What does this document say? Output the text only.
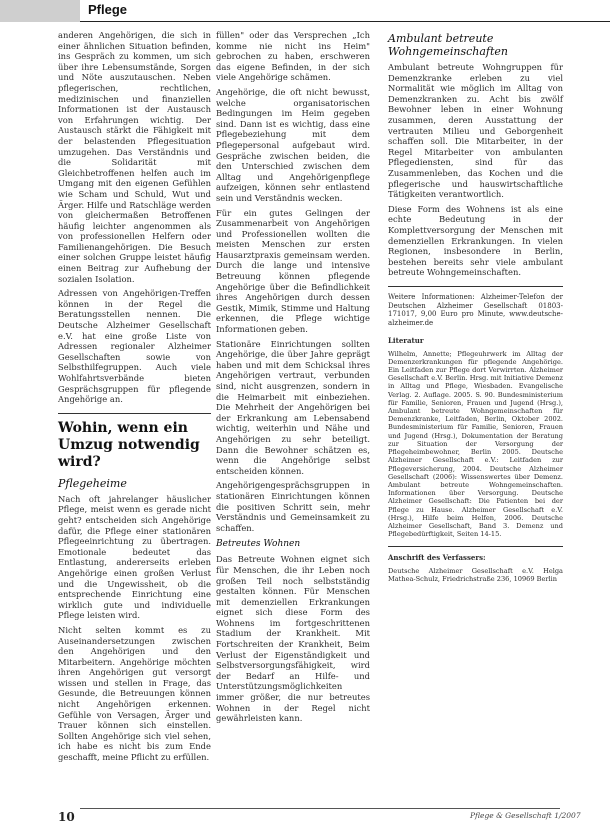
Pflege

anderen Angehörigen, die sich in einer ähnlichen Situation befinden, ins Gespräch zu kommen, um sich über ihre Lebensumstände, Sorgen und Nöte auszutauschen. Neben pflegerischen, rechtlichen, medizinischen und finanziellen Informationen ist der Austausch von Erfahrungen wichtig. Der Austausch stärkt die Fähigkeit mit der belastenden Pflegesituation umzugehen. Das Verständnis und die Solidarität mit Gleichbetroffenen helfen auch im Umgang mit den eigenen Gefühlen wie Scham und Schuld, Wut und Ärger. Hilfe und Ratschläge werden von gleichermaßen Betroffenen häufig leichter angenommen als von professionellen Helfern oder Familienangehörigen. Die Besuch einer solchen Gruppe leistet häufig einen Beitrag zur Aufhebung der sozialen Isolation.

Adressen von Angehörigen-Treffen können in der Regel die Beratungsstellen nennen. Die Deutsche Alzheimer Gesellschaft e.V. hat eine große Liste von Adressen regionaler Alzheimer Gesellschaften sowie von Selbsthilfegruppen. Auch viele Wohlfahrtsverbände bieten Gesprächsgruppen für pflegende Angehörige an.

Wohin, wenn ein Umzug notwendig wird?
Pflegeheime

Nach oft jahrelanger häuslicher Pflege, meist wenn es gerade nicht geht? entscheiden sich Angehörige dafür, die Pflege einer stationären Pflegeeinrichtung zu übertragen. Emotionale bedeutet das Entlastung, andererseits erleben Angehörige einen großen Verlust und die Ungewissheit, ob die entsprechende Einrichtung eine wirklich gute und individuelle Pflege leisten wird.

Nicht selten kommt es zu Auseinandersetzungen zwischen den Angehörigen und den Mitarbeitern. Angehörige möchten ihren Angehörigen gut versorgt wissen und stellen in Frage, das Gesunde, die Betreuungen können nicht Angehörigen erkennen. Gefühle von Versagen, Ärger und Trauer können sich einstellen. Sollten Angehörige sich viel sehen, ich habe es nicht bis zum Ende geschafft, meine Pflicht zu erfüllen.

füllen" oder das Versprechen „Ich komme nie nicht ins Heim" gebrochen zu haben, erschweren das eigene Befinden, in der sich viele Angehörige schämen.

Angehörige, die oft nicht bewusst, welche organisatorischen Bedingungen im Heim gegeben sind. Dann ist es wichtig, dass eine Pflegebeziehung mit dem Pflegepersonal aufgebaut wird. Gespräche zwischen beiden, die den Unterschied zwischen dem Alltag und Angehörigenpflege aufzeigen, können sehr entlastend sein und Verständnis wecken.

Für ein gutes Gelingen der Zusammenarbeit von Angehörigen und Professionellen wollten die meisten Menschen zur ersten Hausarztpraxis gemeinsam werden. Durch die lange und intensive Betreuung können pflegende Angehörige über die Befindlichkeit ihres Angehörigen durch dessen Gestik, Mimik, Stimme und Haltung erkennen, die Pflege wichtige Informationen geben.

Stationäre Einrichtungen sollten Angehörige, die über Jahre geprägt haben und mit dem Schicksal ihres Angehörigen vertraut, verbunden sind, nicht ausgrenzen, sondern in die Heimarbeit mit einbeziehen. Die Mehrheit der Angehörigen bei der Erkrankung am Lebensabend wichtig, weiterhin und Nähe und Angehörigen zu sehr beteiligt. Dann die Bewohner schätzen es, wenn die Angehörige selbst entscheiden können.

Angehörigengesprächsgruppen in stationären Einrichtungen können die positiven Schritt sein, mehr Verständnis und Gemeinsamkeit zu schaffen.

Betreutes Wohnen

Das Betreute Wohnen eignet sich für Menschen, die ihr Leben noch großen Teil noch selbstständig gestalten können. Für Menschen mit demenziellen Erkrankungen eignet sich diese Form des Wohnens im fortgeschrittenen Stadium der Krankheit. Mit Fortschreiten der Krankheit, Beim Verlust der Eigenständigkeit und Selbstversorgungsfähigkeit, wird der Bedarf an Hilfe- und Unterstützungsmöglichkeiten immer größer, die nur betreutes Wohnen in der Regel nicht gewährleisten kann.

Ambulant betreute Wohngemeinschaften

Ambulant betreute Wohngruppen für Demenzkranke erleben zu viel Normalität wie möglich im Alltag von Demenzkranken zu. Acht bis zwölf Bewohner leben in einer Wohnung zusammen, deren Ausstattung der vertrauten Milieu und Geborgenheit schaffen soll. Die Mitarbeiter, in der Regel Mitarbeiter von ambulanten Pflegediensten, sind für das Zusammenleben, das Kochen und die pflegerische und hauswirtschaftliche Tätigkeiten verantwortlich.

Diese Form des Wohnens ist als eine echte Bedeutung in der Komplettversorgung der Menschen mit demenziellen Erkrankungen. In vielen Regionen, insbesondere in Berlin, bestehen bereits sehr viele ambulant betreute Wohngemeinschaften.

Weitere Informationen: Alzheimer-Telefon der Deutschen Alzheimer Gesellschaft 01803-171017, 9,00 Euro pro Minute, www.deutsche-alzheimer.de
Literatur
Wilhelm, Annette; Pflegeuhrwerk im Alltag der Demenzerkrankungen für pflegende Angehörige. Ein Leitfaden zur Pflege dort Verwirrten. Alzheimer Gesellschaft e.V. Berlin. Hrsg. mit Initiative Demenz in Alltag und Pflege, Wiesbaden. Evangelische Verlag. 2. Auflage. 2005. S. 90. Bundesministerium für Familie, Senioren, Frauen und Jugend (Hrsg.), Ambulant betreute Wohngemeinschaften für Demenzkranke, Leitfaden, Berlin, Oktober 2002. Bundesministerium für Familie, Senioren, Frauen und Jugend (Hrsg.), Dokumentation der Beratung zur Situation der Versorgung der Pflegeheimbewohner, Berlin 2005. Deutsche Alzheimer Gesellschaft e.V.: Leitfaden zur Pflegeversicherung, 2004. Deutsche Alzheimer Gesellschaft (2006): Wissenswertes über Demenz. Ambulant betreute Wohngemeinschaften. Informationen über Versorgung. Deutsche Alzheimer Gesellschaft: Die Patienten bei der Pflege zu Hause. Alzheimer Gesellschaft e.V. (Hrsg.), Hilfe beim Helfen, 2006. Deutsche Alzheimer Gesellschaft, Band 3. Demenz und Pflegebedürftigkeit, Seiten 14-15.
Anschrift des Verfassers:
Deutsche Alzheimer Gesellschaft e.V. Helga Mathea-Schulz, Friedrichstraße 236, 10969 Berlin
10	Pflege & Gesellschaft 1/2007
